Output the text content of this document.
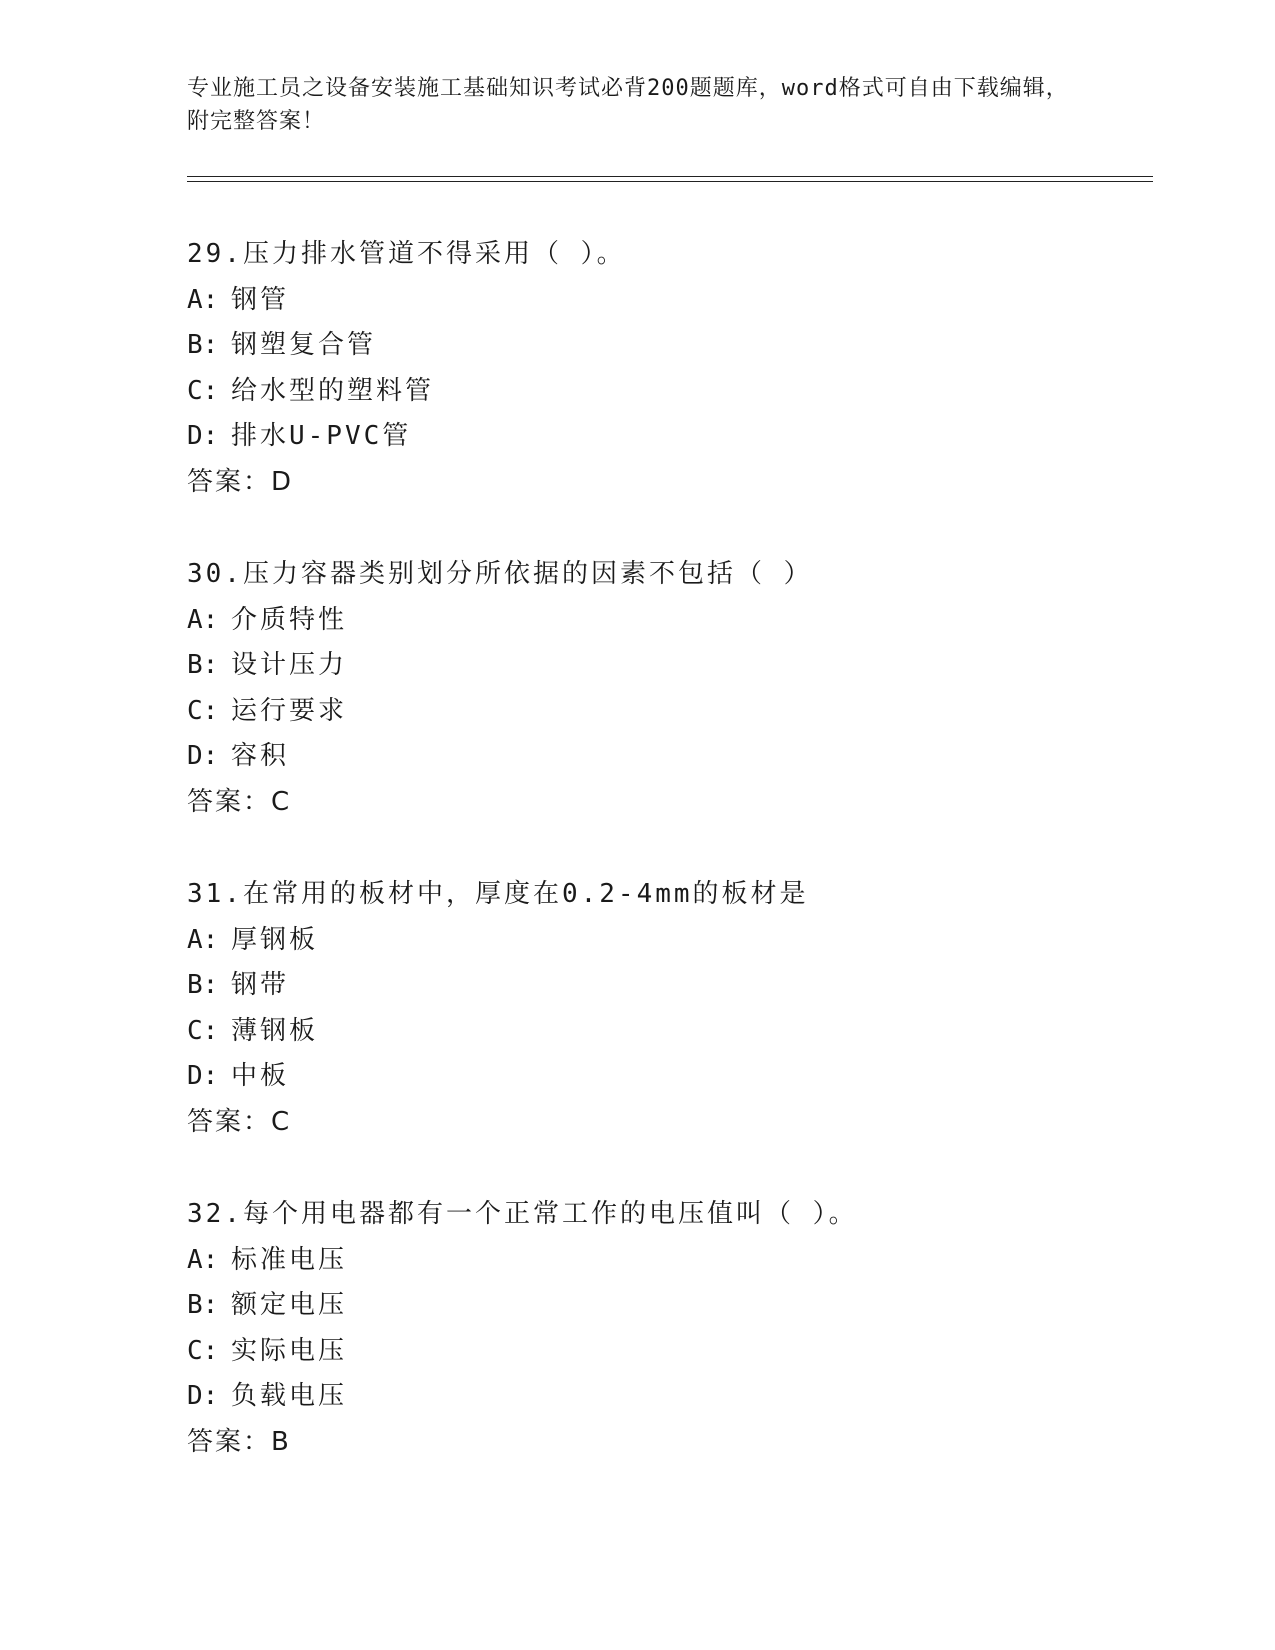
专业施工员之设备安装施工基础知识考试必背200题题库，word格式可自由下载编辑，附完整答案！
29.压力排水管道不得采用（ ）。
A: 钢管
B: 钢塑复合管
C: 给水型的塑料管
D: 排水U-PVC管
答案：D
30.压力容器类别划分所依据的因素不包括（ ）
A: 介质特性
B: 设计压力
C: 运行要求
D: 容积
答案：C
31.在常用的板材中，厚度在0.2-4mm的板材是
A: 厚钢板
B: 钢带
C: 薄钢板
D: 中板
答案：C
32.每个用电器都有一个正常工作的电压值叫（ ）。
A: 标准电压
B: 额定电压
C: 实际电压
D: 负载电压
答案：B
